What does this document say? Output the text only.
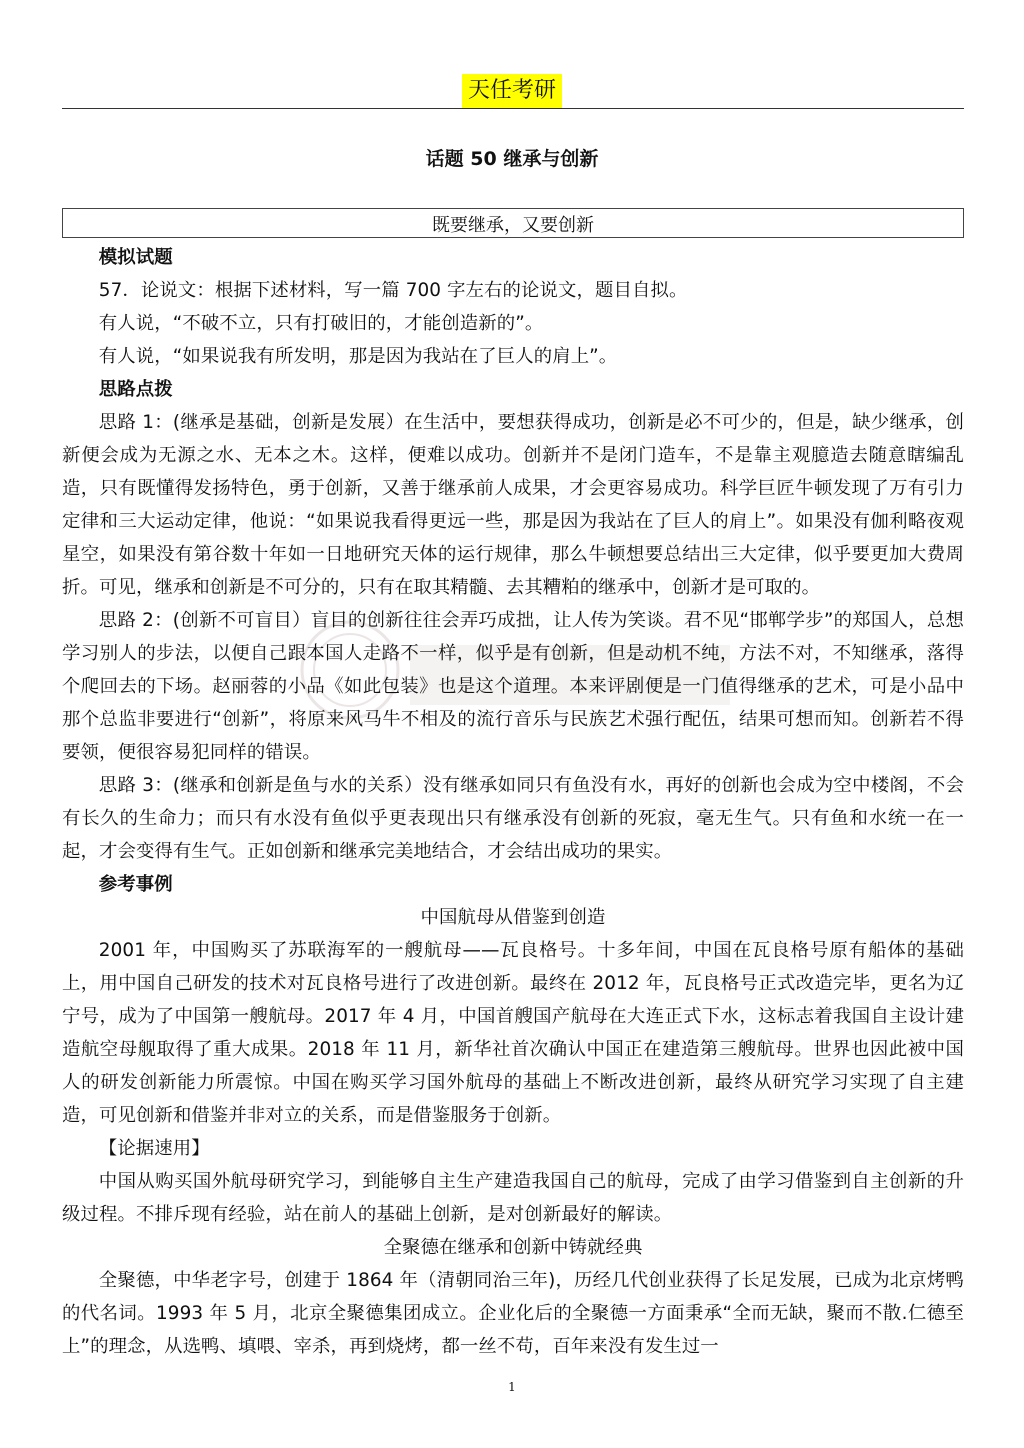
天任考研
话题 50 继承与创新
既要继承，又要创新

模拟试题

57．论说文：根据下述材料，写一篇 700 字左右的论说文，题目自拟。

有人说，“不破不立，只有打破旧的，才能创造新的”。

有人说，“如果说我有所发明，那是因为我站在了巨人的肩上”。

思路点拨

思路 1：(继承是基础，创新是发展）在生活中，要想获得成功，创新是必不可少的，但是，缺少继承，创新便会成为无源之水、无本之木。这样，便难以成功。创新并不是闭门造车，不是靠主观臆造去随意瞎编乱造，只有既懂得发扬特色，勇于创新，又善于继承前人成果，才会更容易成功。科学巨匠牛顿发现了万有引力定律和三大运动定律，他说：“如果说我看得更远一些，那是因为我站在了巨人的肩上”。如果没有伽利略夜观星空，如果没有第谷数十年如一日地研究天体的运行规律，那么牛顿想要总结出三大定律，似乎要更加大费周折。可见，继承和创新是不可分的，只有在取其精髓、去其糟粕的继承中，创新才是可取的。

思路 2：(创新不可盲目）盲目的创新往往会弄巧成拙，让人传为笑谈。君不见“邯郸学步”的郑国人，总想学习别人的步法，以便自己跟本国人走路不一样，似乎是有创新，但是动机不纯，方法不对，不知继承，落得个爬回去的下场。赵丽蓉的小品《如此包装》也是这个道理。本来评剧便是一门值得继承的艺术，可是小品中那个总监非要进行“创新”，将原来风马牛不相及的流行音乐与民族艺术强行配伍，结果可想而知。创新若不得要领，便很容易犯同样的错误。

思路 3：(继承和创新是鱼与水的关系）没有继承如同只有鱼没有水，再好的创新也会成为空中楼阁，不会有长久的生命力；而只有水没有鱼似乎更表现出只有继承没有创新的死寂，毫无生气。只有鱼和水统一在一起，才会变得有生气。正如创新和继承完美地结合，才会结出成功的果实。

参考事例

中国航母从借鉴到创造

2001 年，中国购买了苏联海军的一艘航母——瓦良格号。十多年间，中国在瓦良格号原有船体的基础上，用中国自己研发的技术对瓦良格号进行了改进创新。最终在 2012 年，瓦良格号正式改造完毕，更名为辽宁号，成为了中国第一艘航母。2017 年 4 月，中国首艘国产航母在大连正式下水，这标志着我国自主设计建造航空母舰取得了重大成果。2018 年 11 月，新华社首次确认中国正在建造第三艘航母。世界也因此被中国人的研发创新能力所震惊。中国在购买学习国外航母的基础上不断改进创新，最终从研究学习实现了自主建造，可见创新和借鉴并非对立的关系，而是借鉴服务于创新。

【论据速用】

中国从购买国外航母研究学习，到能够自主生产建造我国自己的航母，完成了由学习借鉴到自主创新的升级过程。不排斥现有经验，站在前人的基础上创新，是对创新最好的解读。

全聚德在继承和创新中铸就经典

全聚德，中华老字号，创建于 1864 年（清朝同治三年)，历经几代创业获得了长足发展，已成为北京烤鸭的代名词。1993 年 5 月，北京全聚德集团成立。企业化后的全聚德一方面秉承“全而无缺，聚而不散.仁德至上”的理念，从选鸭、填喂、宰杀，再到烧烤，都一丝不苟，百年来没有发生过一

1
